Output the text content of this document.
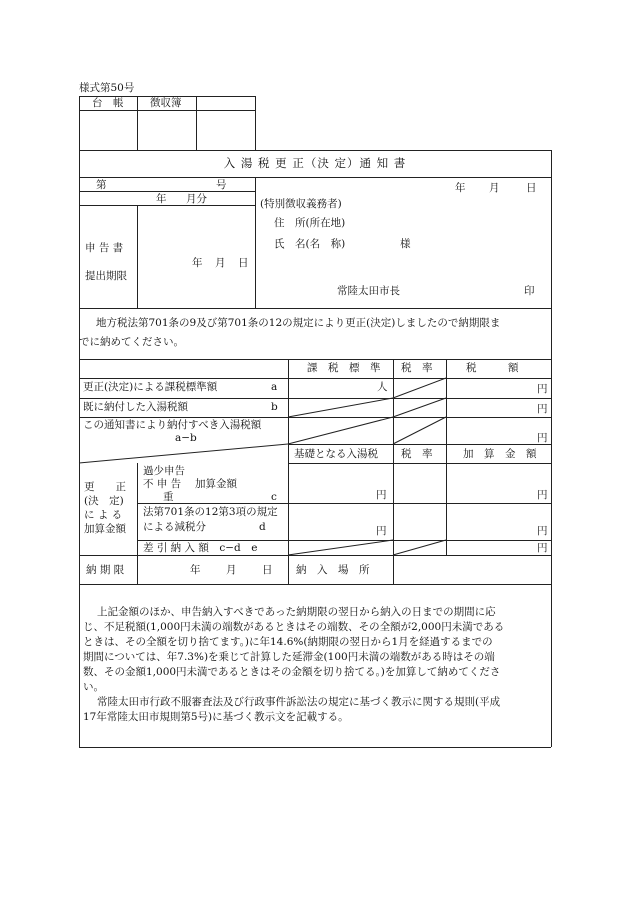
様式第50号
台　帳	徴収簿
入 湯 税 更 正（決 定）通 知 書
第	号
年 月分
申 告 書
提出期限
年 月 日
年 月	日
(特別徴収義務者)
住　所(所在地)
氏　名(名　称)	様
常陸太田市長	印
地方税法第701条の9及び第701条の12の規定により更正(決定)しましたので納期限ま
でに納めてください。
課　税　標　準 税　率	税　　　額
更正(決定)による課税標準額	a	人	円
既に納付した入湯税額	b	円
この通知書により納付すべき入湯税額
a−b	円
基礎となる入湯税 税　率	加　算　金　額
更　　正
(決　定)
に よ る
加算金額
過少申告
不 申 告　 加算金額
重	c	円	円
法第701条の12第3項の規定
による減税分	d	円	円
差 引 納 入 額　c−d　e	円
納 期 限	年 月 日 納　入　場　所
上記金額のほか、申告納入すべきであった納期限の翌日から納入の日までの期間に応
じ、不足税額(1,000円未満の端数があるときはその端数、その全額が2,000円未満である
ときは、その全額を切り捨てます。)に年14.6%(納期限の翌日から1月を経過するまでの
期間については、年7.3%)を乗じて計算した延滞金(100円未満の端数がある時はその端
数、その金額1,000円未満であるときはその金額を切り捨てる。)を加算して納めてくださ
い。
常陸太田市行政不服審査法及び行政事件訴訟法の規定に基づく教示に関する規則(平成
17年常陸太田市規則第5号)に基づく教示文を記載する。
